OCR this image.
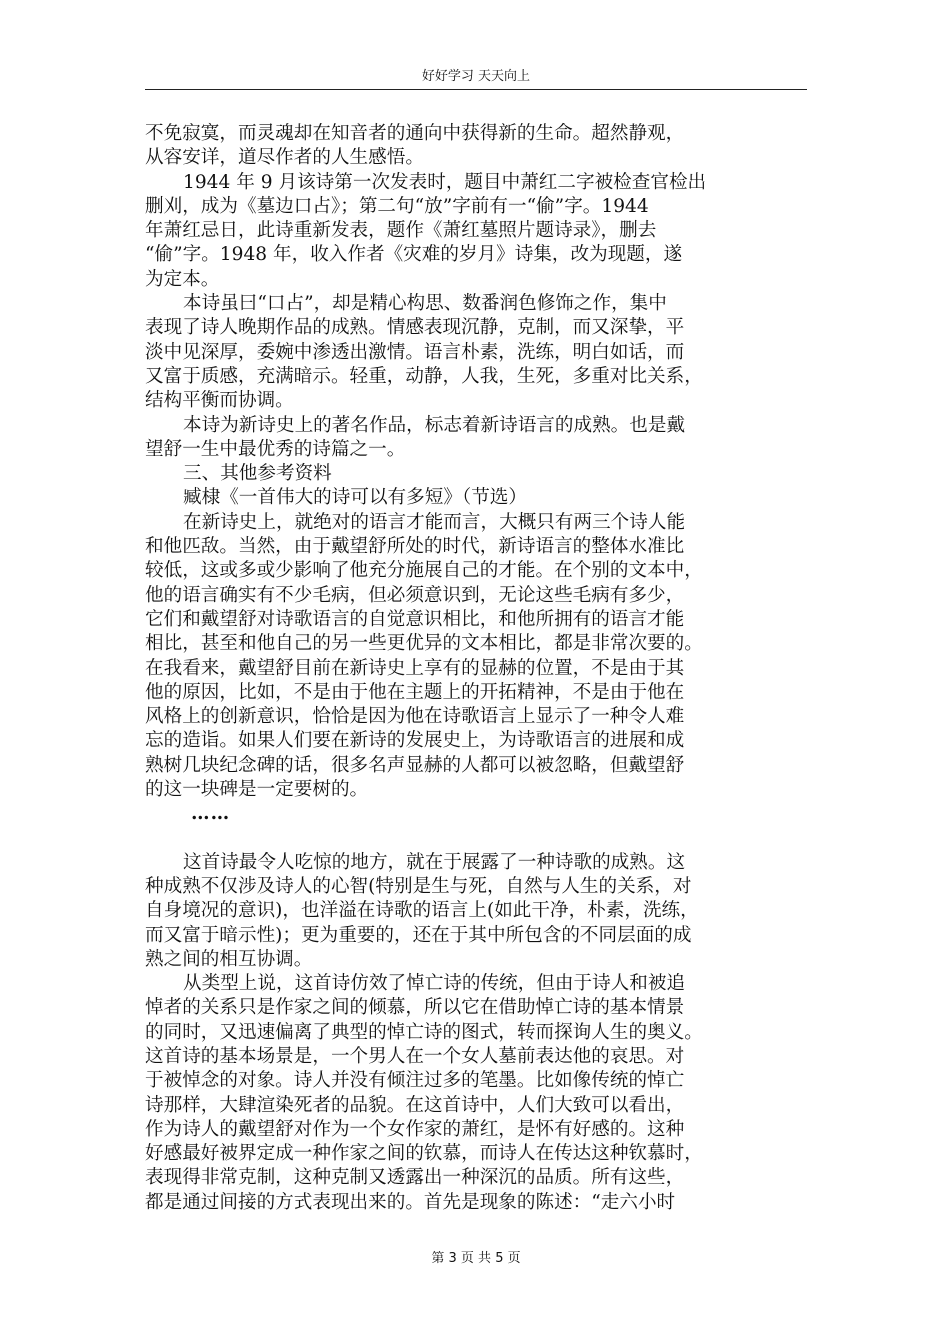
好好学习 天天向上
不免寂寞，而灵魂却在知音者的通向中获得新的生命。超然静观，
从容安详，道尽作者的人生感悟。
1944 年 9 月该诗第一次发表时，题目中萧红二字被检查官检出
删刈，成为《墓边口占》；第二句“放”字前有一“偷”字。1944
年萧红忌日，此诗重新发表，题作《萧红墓照片题诗录》，删去
“偷”字。1948 年，收入作者《灾难的岁月》诗集，改为现题，遂
为定本。
本诗虽曰“口占”，却是精心构思、数番润色修饰之作，集中
表现了诗人晚期作品的成熟。情感表现沉静，克制，而又深挚，平
淡中见深厚，委婉中渗透出激情。语言朴素，洗练，明白如话，而
又富于质感，充满暗示。轻重，动静，人我，生死，多重对比关系，
结构平衡而协调。
本诗为新诗史上的著名作品，标志着新诗语言的成熟。也是戴
望舒一生中最优秀的诗篇之一。
三、其他参考资料
臧棣《一首伟大的诗可以有多短》（节选）
在新诗史上，就绝对的语言才能而言，大概只有两三个诗人能
和他匹敌。当然，由于戴望舒所处的时代，新诗语言的整体水准比
较低，这或多或少影响了他充分施展自己的才能。在个别的文本中，
他的语言确实有不少毛病，但必须意识到，无论这些毛病有多少，
它们和戴望舒对诗歌语言的自觉意识相比，和他所拥有的语言才能
相比，甚至和他自己的另一些更优异的文本相比，都是非常次要的。
在我看来，戴望舒目前在新诗史上享有的显赫的位置，不是由于其
他的原因，比如，不是由于他在主题上的开拓精神，不是由于他在
风格上的创新意识，恰恰是因为他在诗歌语言上显示了一种令人难
忘的造诣。如果人们要在新诗的发展史上，为诗歌语言的进展和成
熟树几块纪念碑的话，很多名声显赫的人都可以被忽略，但戴望舒
的这一块碑是一定要树的。
……
这首诗最令人吃惊的地方，就在于展露了一种诗歌的成熟。这
种成熟不仅涉及诗人的心智(特别是生与死，自然与人生的关系，对
自身境况的意识)，也洋溢在诗歌的语言上(如此干净，朴素，洗练，
而又富于暗示性)；更为重要的，还在于其中所包含的不同层面的成
熟之间的相互协调。
从类型上说，这首诗仿效了悼亡诗的传统，但由于诗人和被追
悼者的关系只是作家之间的倾慕，所以它在借助悼亡诗的基本情景
的同时，又迅速偏离了典型的悼亡诗的图式，转而探询人生的奥义。
这首诗的基本场景是，一个男人在一个女人墓前表达他的哀思。对
于被悼念的对象。诗人并没有倾注过多的笔墨。比如像传统的悼亡
诗那样，大肆渲染死者的品貌。在这首诗中，人们大致可以看出，
作为诗人的戴望舒对作为一个女作家的萧红，是怀有好感的。这种
好感最好被界定成一种作家之间的钦慕，而诗人在传达这种钦慕时，
表现得非常克制，这种克制又透露出一种深沉的品质。所有这些，
都是通过间接的方式表现出来的。首先是现象的陈述：“走六小时
第 3 页 共 5 页
